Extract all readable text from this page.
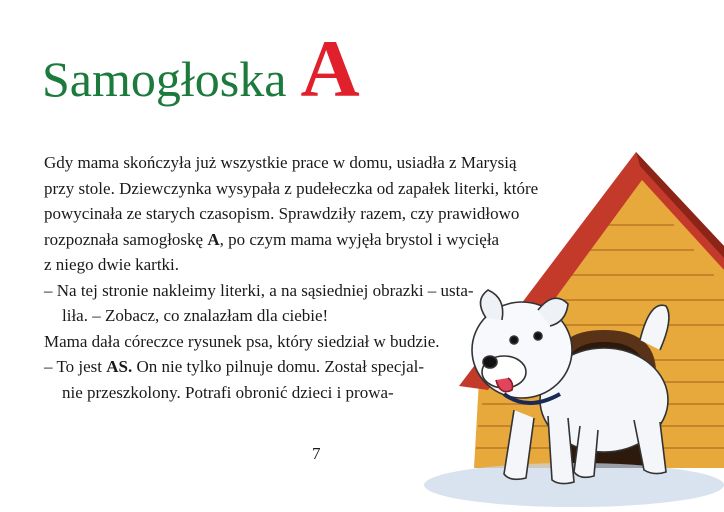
Samogłoska A

Gdy mama skończyła już wszystkie prace w domu, usiadła z Marysią

przy stole. Dziewczynka wysypała z pudełeczka od zapałek literki, które

powycinała ze starych czasopism. Sprawdziły razem, czy prawidłowo

rozpoznała samogłoskę A, po czym mama wyjęła brystol i wycięła

z niego dwie kartki.

– Na tej stronie nakleimy literki, a na sąsiedniej obrazki – usta-

liła. – Zobacz, co znalazłam dla ciebie!

Mama dała córeczce rysunek psa, który siedział w budzie.

– To jest AS. On nie tylko pilnuje domu. Został specjal-

nie przeszkolony. Potrafi obronić dzieci i prowa-

7
